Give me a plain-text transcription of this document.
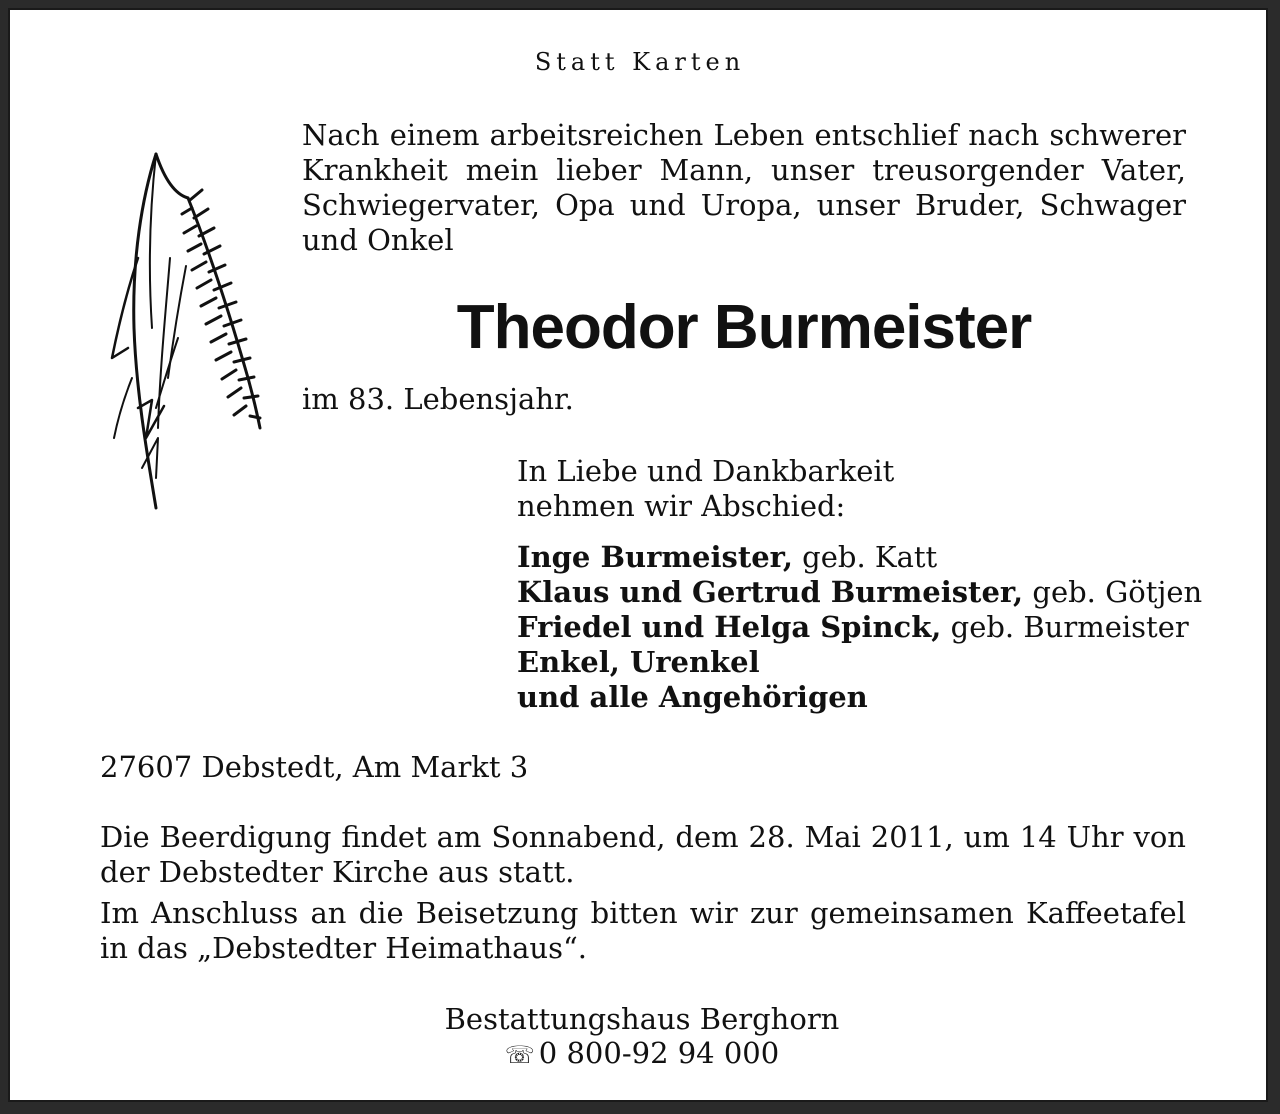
Statt Karten

Nach einem arbeitsreichen Leben entschlief nach schwerer Krankheit mein lieber Mann, unser treusorgender Vater, Schwiegervater, Opa und Uropa, unser Bruder, Schwager und Onkel

Theodor Burmeister

im 83. Lebensjahr.

In Liebe und Dankbarkeit
nehmen wir Abschied:
Inge Burmeister, geb. Katt
Klaus und Gertrud Burmeister, geb. Götjen
Friedel und Helga Spinck, geb. Burmeister
Enkel, Urenkel
und alle Angehörigen

27607 Debstedt, Am Markt 3

Die Beerdigung findet am Sonnabend, dem 28. Mai 2011, um 14 Uhr von der Debstedter Kirche aus statt.

Im Anschluss an die Beisetzung bitten wir zur gemeinsamen Kaffeetafel in das „Debstedter Heimathaus“.

Bestattungshaus Berghorn
☏ 0 800-92 94 000
